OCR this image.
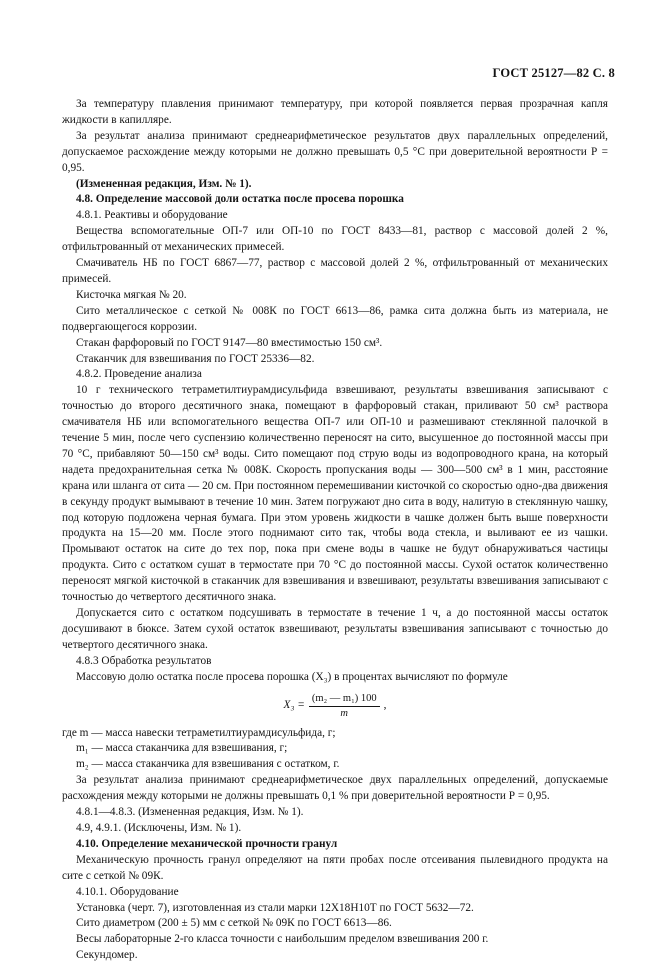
ГОСТ 25127—82 С. 8

За температуру плавления принимают температуру, при которой появляется первая прозрачная капля жидкости в капилляре.

За результат анализа принимают среднеарифметическое результатов двух параллельных определений, допускаемое расхождение между которыми не должно превышать 0,5 °С при доверительной вероятности Р = 0,95.

(Измененная редакция, Изм. № 1).

4.8. Определение массовой доли остатка после просева порошка

4.8.1. Реактивы и оборудование

Вещества вспомогательные ОП-7 или ОП-10 по ГОСТ 8433—81, раствор с массовой долей 2 %, отфильтрованный от механических примесей.

Смачиватель НБ по ГОСТ 6867—77, раствор с массовой долей 2 %, отфильтрованный от механических примесей.

Кисточка мягкая № 20.

Сито металлическое с сеткой № 008К по ГОСТ 6613—86, рамка сита должна быть из материала, не подвергающегося коррозии.

Стакан фарфоровый по ГОСТ 9147—80 вместимостью 150 см³.

Стаканчик для взвешивания по ГОСТ 25336—82.

4.8.2. Проведение анализа

10 г технического тетраметилтиурамдисульфида взвешивают, результаты взвешивания записывают с точностью до второго десятичного знака, помещают в фарфоровый стакан, приливают 50 см³ раствора смачивателя НБ или вспомогательного вещества ОП-7 или ОП-10 и размешивают стеклянной палочкой в течение 5 мин, после чего суспензию количественно переносят на сито, высушенное до постоянной массы при 70 °С, прибавляют 50—150 см³ воды. Сито помещают под струю воды из водопроводного крана, на который надета предохранительная сетка № 008К. Скорость пропускания воды — 300—500 см³ в 1 мин, расстояние крана или шланга от сита — 20 см. При постоянном перемешивании кисточкой со скоростью одно-два движения в секунду продукт вымывают в течение 10 мин. Затем погружают дно сита в воду, налитую в стеклянную чашку, под которую подложена черная бумага. При этом уровень жидкости в чашке должен быть выше поверхности продукта на 15—20 мм. После этого поднимают сито так, чтобы вода стекла, и выливают ее из чашки. Промывают остаток на сите до тех пор, пока при смене воды в чашке не будут обнаруживаться частицы продукта. Сито с остатком сушат в термостате при 70 °С до постоянной массы. Сухой остаток количественно переносят мягкой кисточкой в стаканчик для взвешивания и взвешивают, результаты взвешивания записывают с точностью до четвертого десятичного знака.

Допускается сито с остатком подсушивать в термостате в течение 1 ч, а до постоянной массы остаток досушивают в бюксе. Затем сухой остаток взвешивают, результаты взвешивания записывают с точностью до четвертого десятичного знака.

4.8.3 Обработка результатов

Массовую долю остатка после просева порошка (X₃) в процентах вычисляют по формуле

$X_3 = \frac{\text{(m₂ — m₁) 100}}{m}$ ,

где m — масса навески тетраметилтиурамдисульфида, г;

m₁ — масса стаканчика для взвешивания, г;

m₂ — масса стаканчика для взвешивания с остатком, г.

За результат анализа принимают среднеарифметическое двух параллельных определений, допускаемые расхождения между которыми не должны превышать 0,1 % при доверительной вероятности Р = 0,95.

4.8.1—4.8.3. (Измененная редакция, Изм. № 1).

4.9, 4.9.1. (Исключены, Изм. № 1).

4.10. Определение механической прочности гранул

Механическую прочность гранул определяют на пяти пробах после отсеивания пылевидного продукта на сите с сеткой № 09К.

4.10.1. Оборудование

Установка (черт. 7), изготовленная из стали марки 12Х18Н10Т по ГОСТ 5632—72.

Сито диаметром (200 ± 5) мм с сеткой № 09К по ГОСТ 6613—86.

Весы лабораторные 2-го класса точности с наибольшим пределом взвешивания 200 г.

Секундомер.
